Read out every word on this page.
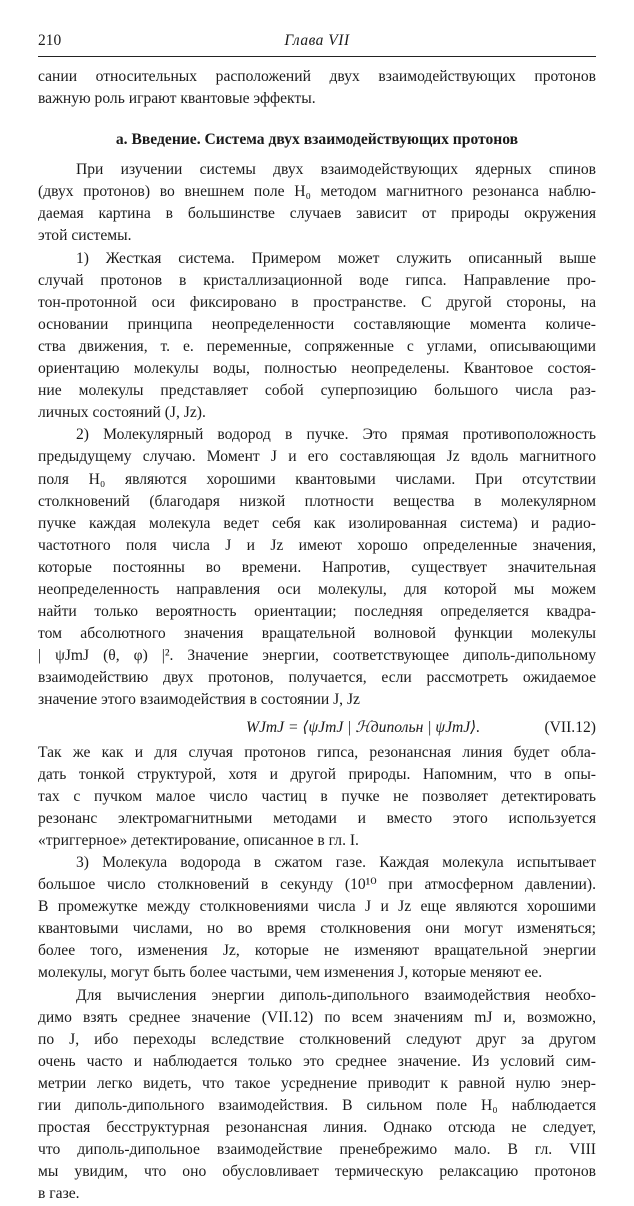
210	Глава VII
сании относительных расположений двух взаимодействующих протонов
важную роль играют квантовые эффекты.
а. Введение. Система двух взаимодействующих протонов
При изучении системы двух взаимодействующих ядерных спинов
(двух протонов) во внешнем поле H₀ методом магнитного резонанса наблю-
даемая картина в большинстве случаев зависит от природы окружения
этой системы.
1) Жесткая система. Примером может служить описанный выше
случай протонов в кристаллизационной воде гипса. Направление про-
тон-протонной оси фиксировано в пространстве. С другой стороны, на
основании принципа неопределенности составляющие момента количе-
ства движения, т. е. переменные, сопряженные с углами, описывающими
ориентацию молекулы воды, полностью неопределены. Квантовое состоя-
ние молекулы представляет собой суперпозицию большого числа раз-
личных состояний (J, Jz).
2) Молекулярный водород в пучке. Это прямая противоположность
предыдущему случаю. Момент J и его составляющая Jz вдоль магнитного
поля H₀ являются хорошими квантовыми числами. При отсутствии
столкновений (благодаря низкой плотности вещества в молекулярном
пучке каждая молекула ведет себя как изолированная система) и радио-
частотного поля числа J и Jz имеют хорошо определенные значения,
которые постоянны во времени. Напротив, существует значительная
неопределенность направления оси молекулы, для которой мы можем
найти только вероятность ориентации; последняя определяется квадра-
том абсолютного значения вращательной волновой функции молекулы
| ψJmJ (θ, φ) |². Значение энергии, соответствующее диполь-дипольному
взаимодействию двух протонов, получается, если рассмотреть ожидаемое
значение этого взаимодействия в состоянии J, Jz
WJmJ = ⟨ψJmJ | ℋдипольн | ψJmJ⟩.	(VII.12)
Так же как и для случая протонов гипса, резонансная линия будет обла-
дать тонкой структурой, хотя и другой природы. Напомним, что в опы-
тах с пучком малое число частиц в пучке не позволяет детектировать
резонанс электромагнитными методами и вместо этого используется
«триггерное» детектирование, описанное в гл. I.
3) Молекула водорода в сжатом газе. Каждая молекула испытывает
большое число столкновений в секунду (10¹⁰ при атмосферном давлении).
В промежутке между столкновениями числа J и Jz еще являются хорошими
квантовыми числами, но во время столкновения они могут изменяться;
более того, изменения Jz, которые не изменяют вращательной энергии
молекулы, могут быть более частыми, чем изменения J, которые меняют ее.
Для вычисления энергии диполь-дипольного взаимодействия необхо-
димо взять среднее значение (VII.12) по всем значениям mJ и, возможно,
по J, ибо переходы вследствие столкновений следуют друг за другом
очень часто и наблюдается только это среднее значение. Из условий сим-
метрии легко видеть, что такое усреднение приводит к равной нулю энер-
гии диполь-дипольного взаимодействия. В сильном поле H₀ наблюдается
простая бесструктурная резонансная линия. Однако отсюда не следует,
что диполь-дипольное взаимодействие пренебрежимо мало. В гл. VIII
мы увидим, что оно обусловливает термическую релаксацию протонов
в газе.
